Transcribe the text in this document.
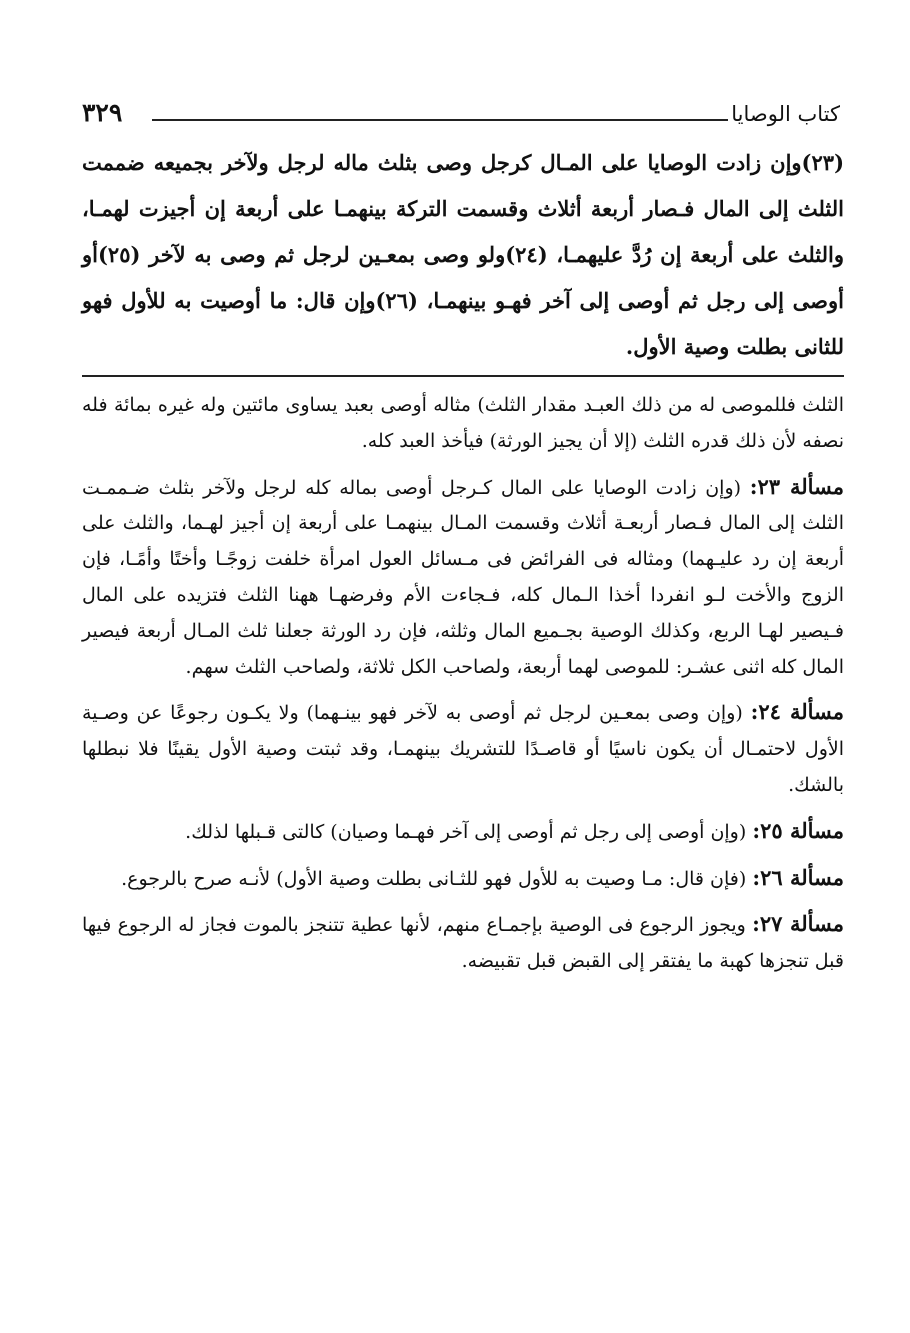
كتاب الوصايا
٣٢٩

(٢٣)وإن زادت الوصايا على المـال كرجل وصى بثلث ماله لرجل ولآخر بجميعه ضممت الثلث إلى المال فـصار أربعة أثلاث وقسمت التركة بينهمـا على أربعة إن أجيزت لهمـا، والثلث على أربعة إن رُدَّ عليهمـا، (٢٤)ولو وصى بمعـين لرجل ثم وصى به لآخر (٢٥)أو أوصى إلى رجل ثم أوصى إلى آخر فهـو بينهمـا، (٢٦)وإن قال: ما أوصيت به للأول فهو للثانى بطلت وصية الأول.

الثلث فللموصى له من ذلك العبـد مقدار الثلث) مثاله أوصى بعبد يساوى مائتين وله غيره بمائة فله نصفه لأن ذلك قدره الثلث (إلا أن يجيز الورثة) فيأخذ العبد كله.

مسألة ٢٣: (وإن زادت الوصايا على المال كـرجل أوصى بماله كله لرجل ولآخر بثلث ضـممـت الثلث إلى المال فـصار أربعـة أثلاث وقسمت المـال بينهمـا على أربعة إن أجيز لهـما، والثلث على أربعة إن رد عليـهما) ومثاله فى الفرائض فى مـسائل العول امرأة خلفت زوجًـا وأختًا وأمًـا، فإن الزوج والأخت لـو انفردا أخذا الـمال كله، فـجاءت الأم وفرضهـا ههنا الثلث فتزيده على المال فـيصير لهـا الربع، وكذلك الوصية بجـميع المال وثلثه، فإن رد الورثة جعلنا ثلث المـال أربعة فيصير المال كله اثنى عشـر: للموصى لهما أربعة، ولصاحب الكل ثلاثة، ولصاحب الثلث سهم.

مسألة ٢٤: (وإن وصى بمعـين لرجل ثم أوصى به لآخر فهو بينـهما) ولا يكـون رجوعًا عن وصـية الأول لاحتمـال أن يكون ناسيًا أو قاصـدًا للتشريك بينهمـا، وقد ثبتت وصية الأول يقينًا فلا نبطلها بالشك.

مسألة ٢٥: (وإن أوصى إلى رجل ثم أوصى إلى آخر فهـما وصيان) كالتى قـبلها لذلك.

مسألة ٢٦: (فإن قال: مـا وصيت به للأول فهو للثـانى بطلت وصية الأول) لأنـه صرح بالرجوع.

مسألة ٢٧: ويجوز الرجوع فى الوصية بإجمـاع منهم، لأنها عطية تتنجز بالموت فجاز له الرجوع فيها قبل تنجزها كهبة ما يفتقر إلى القبض قبل تقبيضه.
